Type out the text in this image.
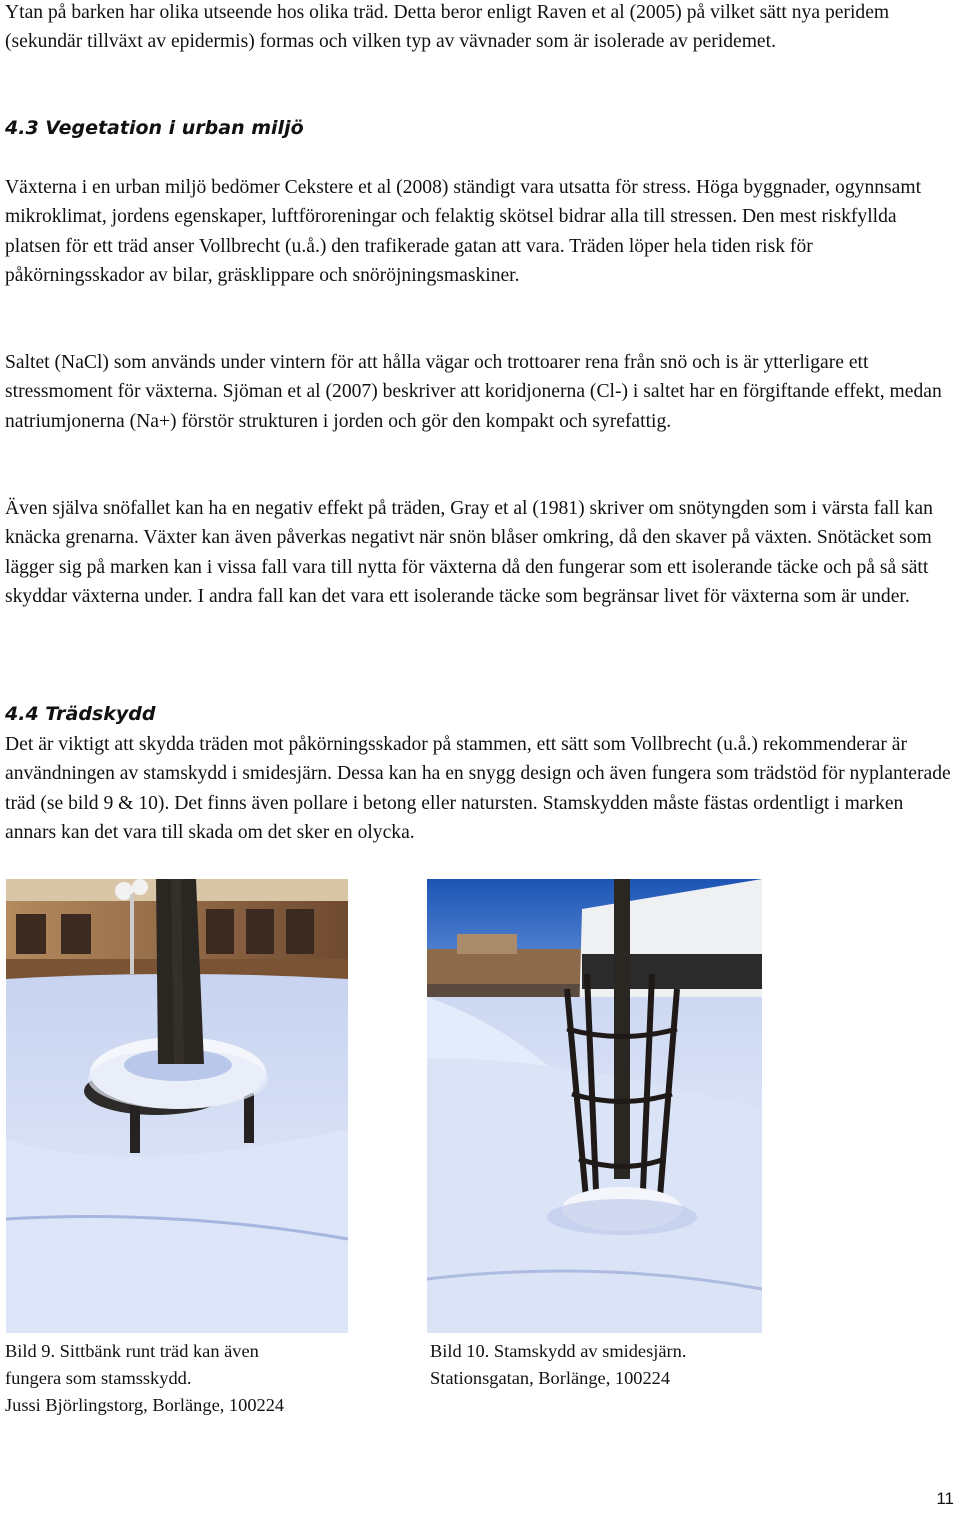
Ytan på barken har olika utseende hos olika träd. Detta beror enligt Raven et al (2005) på vilket sätt nya peridem (sekundär tillväxt av epidermis) formas och vilken typ av vävnader som är isolerade av peridemet.

4.3 Vegetation i urban miljö

Växterna i en urban miljö bedömer Cekstere et al (2008) ständigt vara utsatta för stress. Höga byggnader, ogynnsamt mikroklimat, jordens egenskaper, luftföroreningar och felaktig skötsel bidrar alla till stressen. Den mest riskfyllda platsen för ett träd anser Vollbrecht (u.å.) den trafikerade gatan att vara. Träden löper hela tiden risk för påkörningsskador av bilar, gräsklippare och snöröjningsmaskiner.

Saltet (NaCl) som används under vintern för att hålla vägar och trottoarer rena från snö och is är ytterligare ett stressmoment för växterna. Sjöman et al (2007) beskriver att koridjonerna (Cl-) i saltet har en förgiftande effekt, medan natriumjonerna (Na+) förstör strukturen i jorden och gör den kompakt och syrefattig.

Även själva snöfallet kan ha en negativ effekt på träden, Gray et al (1981) skriver om snötyngden som i värsta fall kan knäcka grenarna. Växter kan även påverkas negativt när snön blåser omkring, då den skaver på växten. Snötäcket som lägger sig på marken kan i vissa fall vara till nytta för växterna då den fungerar som ett isolerande täcke och på så sätt skyddar växterna under. I andra fall kan det vara ett isolerande täcke som begränsar livet för växterna som är under.

4.4 Trädskydd

Det är viktigt att skydda träden mot påkörningsskador på stammen, ett sätt som Vollbrecht (u.å.) rekommenderar är användningen av stamskydd i smidesjärn. Dessa kan ha en snygg design och även fungera som trädstöd för nyplanterade träd (se bild 9 & 10). Det finns även pollare i betong eller natursten. Stamskydden måste fästas ordentligt i marken annars kan det vara till skada om det sker en olycka.

Bild 9. Sittbänk runt träd kan även
fungera som stamsskydd.
Jussi Björlingstorg, Borlänge, 100224

Bild 10. Stamskydd av smidesjärn.
Stationsgatan, Borlänge, 100224

11
